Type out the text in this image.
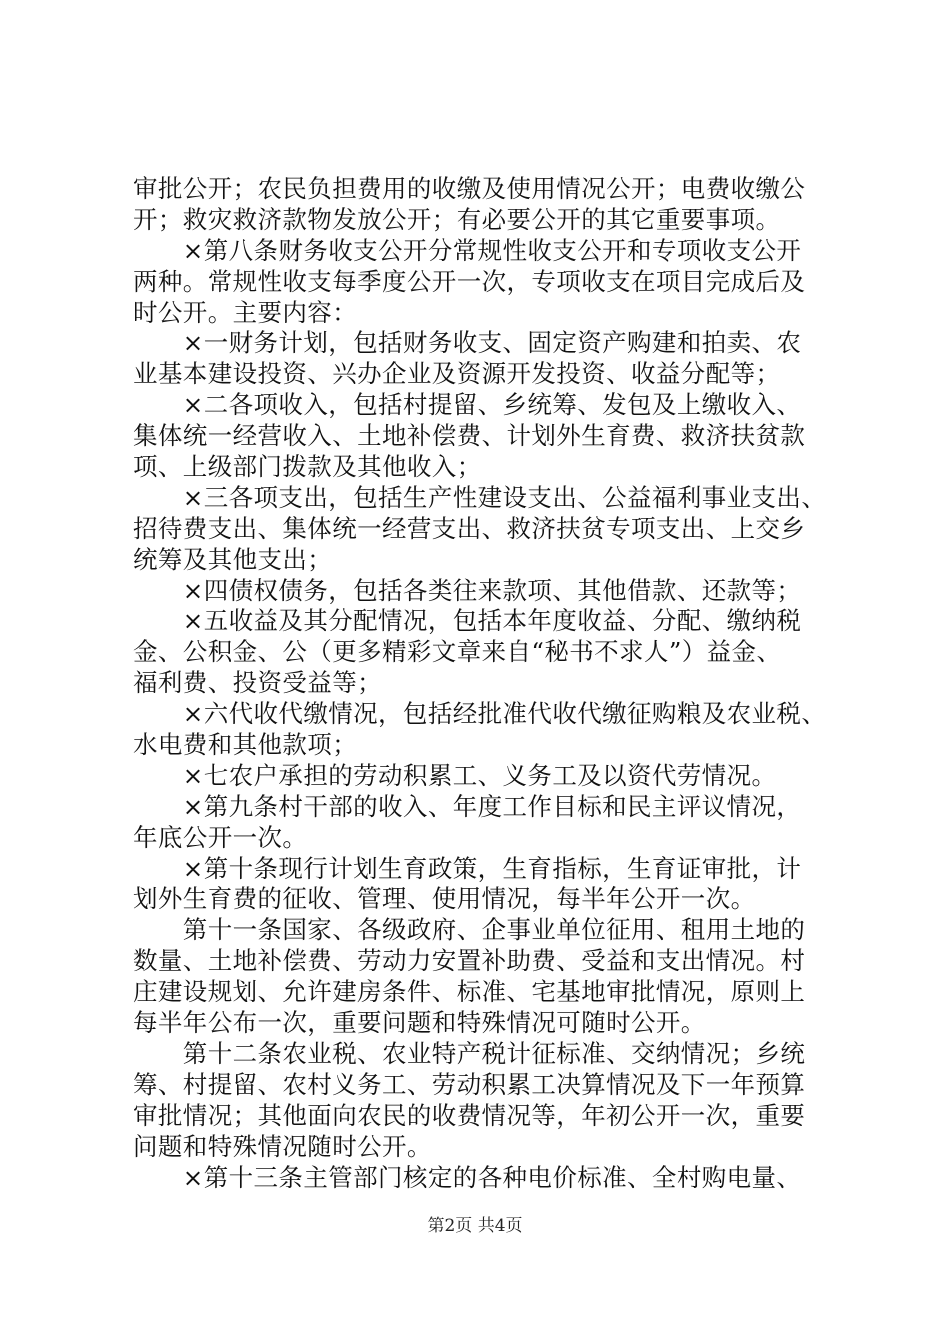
审批公开；农民负担费用的收缴及使用情况公开；电费收缴公
开；救灾救济款物发放公开；有必要公开的其它重要事项。
　　×第八条财务收支公开分常规性收支公开和专项收支公开
两种。常规性收支每季度公开一次，专项收支在项目完成后及
时公开。主要内容：
　　×一财务计划，包括财务收支、固定资产购建和拍卖、农
业基本建设投资、兴办企业及资源开发投资、收益分配等；
　　×二各项收入，包括村提留、乡统筹、发包及上缴收入、
集体统一经营收入、土地补偿费、计划外生育费、救济扶贫款
项、上级部门拨款及其他收入；
　　×三各项支出，包括生产性建设支出、公益福利事业支出、
招待费支出、集体统一经营支出、救济扶贫专项支出、上交乡
统筹及其他支出；
　　×四债权债务，包括各类往来款项、其他借款、还款等；
　　×五收益及其分配情况，包括本年度收益、分配、缴纳税
金、公积金、公（更多精彩文章来自“秘书不求人”）益金、
福利费、投资受益等；
　　×六代收代缴情况，包括经批准代收代缴征购粮及农业税、
水电费和其他款项；
　　×七农户承担的劳动积累工、义务工及以资代劳情况。
　　×第九条村干部的收入、年度工作目标和民主评议情况，
年底公开一次。
　　×第十条现行计划生育政策，生育指标，生育证审批，计
划外生育费的征收、管理、使用情况，每半年公开一次。
　　第十一条国家、各级政府、企事业单位征用、租用土地的
数量、土地补偿费、劳动力安置补助费、受益和支出情况。村
庄建设规划、允许建房条件、标准、宅基地审批情况，原则上
每半年公布一次，重要问题和特殊情况可随时公开。
　　第十二条农业税、农业特产税计征标准、交纳情况；乡统
筹、村提留、农村义务工、劳动积累工决算情况及下一年预算
审批情况；其他面向农民的收费情况等，年初公开一次，重要
问题和特殊情况随时公开。
　　×第十三条主管部门核定的各种电价标准、全村购电量、
第2页 共4页
